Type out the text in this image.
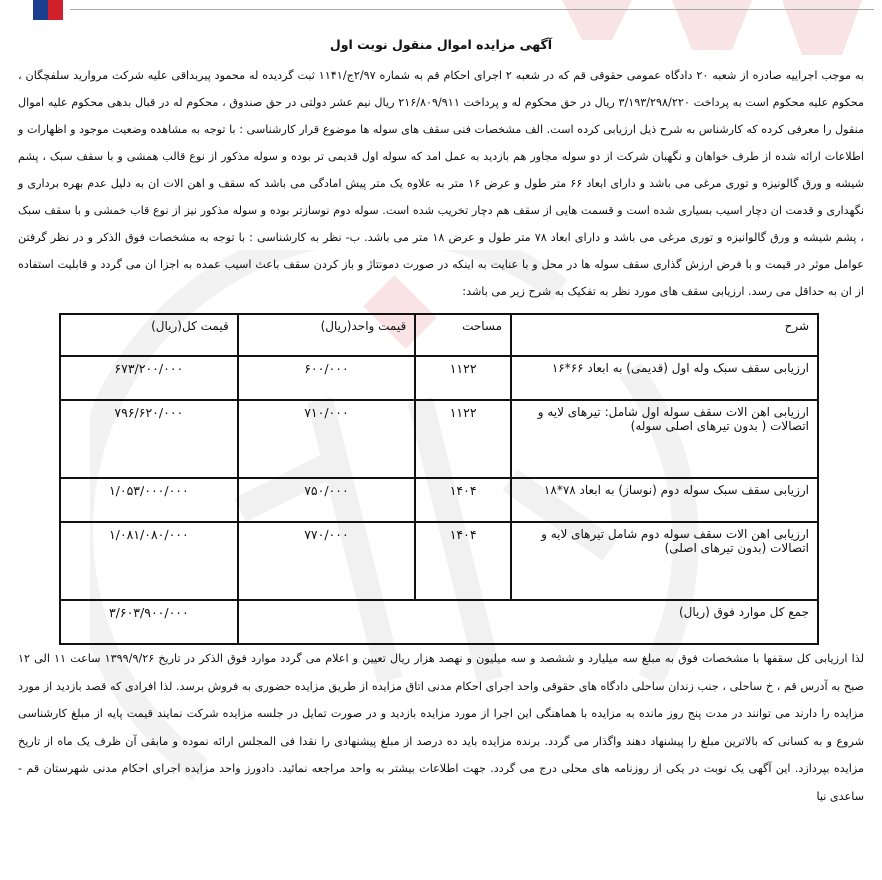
آگهی مزایده اموال منقول نوبت اول

به موجب اجراییه صادره از شعبه ۲۰ دادگاه عمومی حقوقی قم که در شعبه ۲ اجرای احکام قم به شماره ۲/۹۷ج/۱۱۴۱ ثبت گردیده له محمود پیربداقی علیه شرکت مروارید سلفچگان ، محکوم علیه محکوم است به پرداخت ۳/۱۹۳/۲۹۸/۲۲۰ ریال در حق محکوم له و پرداخت ۲۱۶/۸۰۹/۹۱۱ ریال نیم عشر دولتی در حق صندوق ، محکوم له در قبال بدهی محکوم علیه اموال منقول را معرفی کرده که کارشناس به شرح ذیل ارزیابی کرده است. الف مشخصات فنی سقف های سوله ها موضوع قرار کارشناسی : با توجه به مشاهده وضعیت موجود و اظهارات و اطلاعات ارائه شده از طرف خواهان و نگهبان شرکت از دو سوله مجاور هم بازدید به عمل امد که سوله اول قدیمی تر بوده و سوله مذکور از نوع قالب همشی و با سقف سبک ، پشم شیشه و ورق گالونیزه و توری مرغی می باشد و دارای ابعاد ۶۶ متر طول و عرض ۱۶ متر به علاوه یک متر پیش امادگی می باشد که سقف و اهن الات ان به دلیل عدم بهره برداری و نگهداری و قدمت ان دچار اسیب بسیاری شده است و قسمت هایی از سقف هم دچار تخریب شده است. سوله دوم نوسازتر بوده و سوله مذکور نیز از نوع قاب خمشی و با سقف سبک ، پشم شیشه و ورق گالوانیزه و توری مرغی می باشد و دارای ابعاد ۷۸ متر طول و عرض ۱۸ متر می باشد. ب- نظر به کارشناسی : با توجه به مشخصات فوق الذکر و در نظر گرفتن عوامل موثر در قیمت و با فرض ارزش گذاری سقف سوله ها در محل و با عنایت به اینکه در صورت دمونتاژ و باز کردن سقف باعث اسیب عمده به اجزا ان می گردد و قابلیت استفاده از ان به حداقل می رسد. ارزیابی سقف های مورد نظر به تفکیک به شرح زیر می باشد:

شرح	مساحت	قیمت واحد(ریال)	قیمت کل(ریال)
ارزیابی سقف سبک وله اول (قدیمی) به ابعاد ۶۶*۱۶	۱۱۲۲	۶۰۰/۰۰۰	۶۷۳/۲۰۰/۰۰۰
ارزیابی اهن الات سقف سوله اول شامل: تیرهای لایه و اتصالات ( بدون تیرهای اصلی سوله)	۱۱۲۲	۷۱۰/۰۰۰	۷۹۶/۶۲۰/۰۰۰
ارزیابی سقف سبک سوله دوم (نوساز) به ابعاد ۷۸*۱۸	۱۴۰۴	۷۵۰/۰۰۰	۱/۰۵۳/۰۰۰/۰۰۰
ارزیابی اهن الات سقف سوله دوم شامل تیرهای لایه و اتصالات (بدون تیرهای اصلی)	۱۴۰۴	۷۷۰/۰۰۰	۱/۰۸۱/۰۸۰/۰۰۰
جمع کل موارد فوق (ریال)			۳/۶۰۳/۹۰۰/۰۰۰

لذا ارزیابی کل سقفها با مشخصات فوق به مبلغ سه میلیارد و ششصد و سه میلیون و نهصد هزار ریال تعیین و اعلام می گردد موارد فوق الذکر در تاریخ ۱۳۹۹/۹/۲۶ ساعت ۱۱ الی ۱۲ صبح به آدرس قم ، خ ساحلی ، جنب زندان ساحلی دادگاه های حقوقی واحد اجرای احکام مدنی اتاق مزایده از طریق مزایده حضوری به فروش برسد. لذا افرادی که قصد بازدید از مورد مزایده را دارند می توانند در مدت پنج روز مانده به مزایده با هماهنگی این اجرا از مورد مزایده بازدید و در صورت تمایل در جلسه مزایده شرکت نمایند قیمت پایه از مبلغ کارشناسی شروع و به کسانی که بالاترین مبلغ را پیشنهاد دهند واگذار می گردد. برنده مزایده باید ده درصد از مبلغ پیشنهادی را نقدا فی المجلس ارائه نموده و مابقی آن ظرف یک ماه از تاریخ مزایده بپردازد. این آگهی یک نوبت در یکی از روزنامه های محلی درج می گردد. جهت اطلاعات بیشتر به واحد مراجعه نمائید. دادورز واحد مزایده اجرای احکام مدنی شهرستان قم - ساعدی نیا
